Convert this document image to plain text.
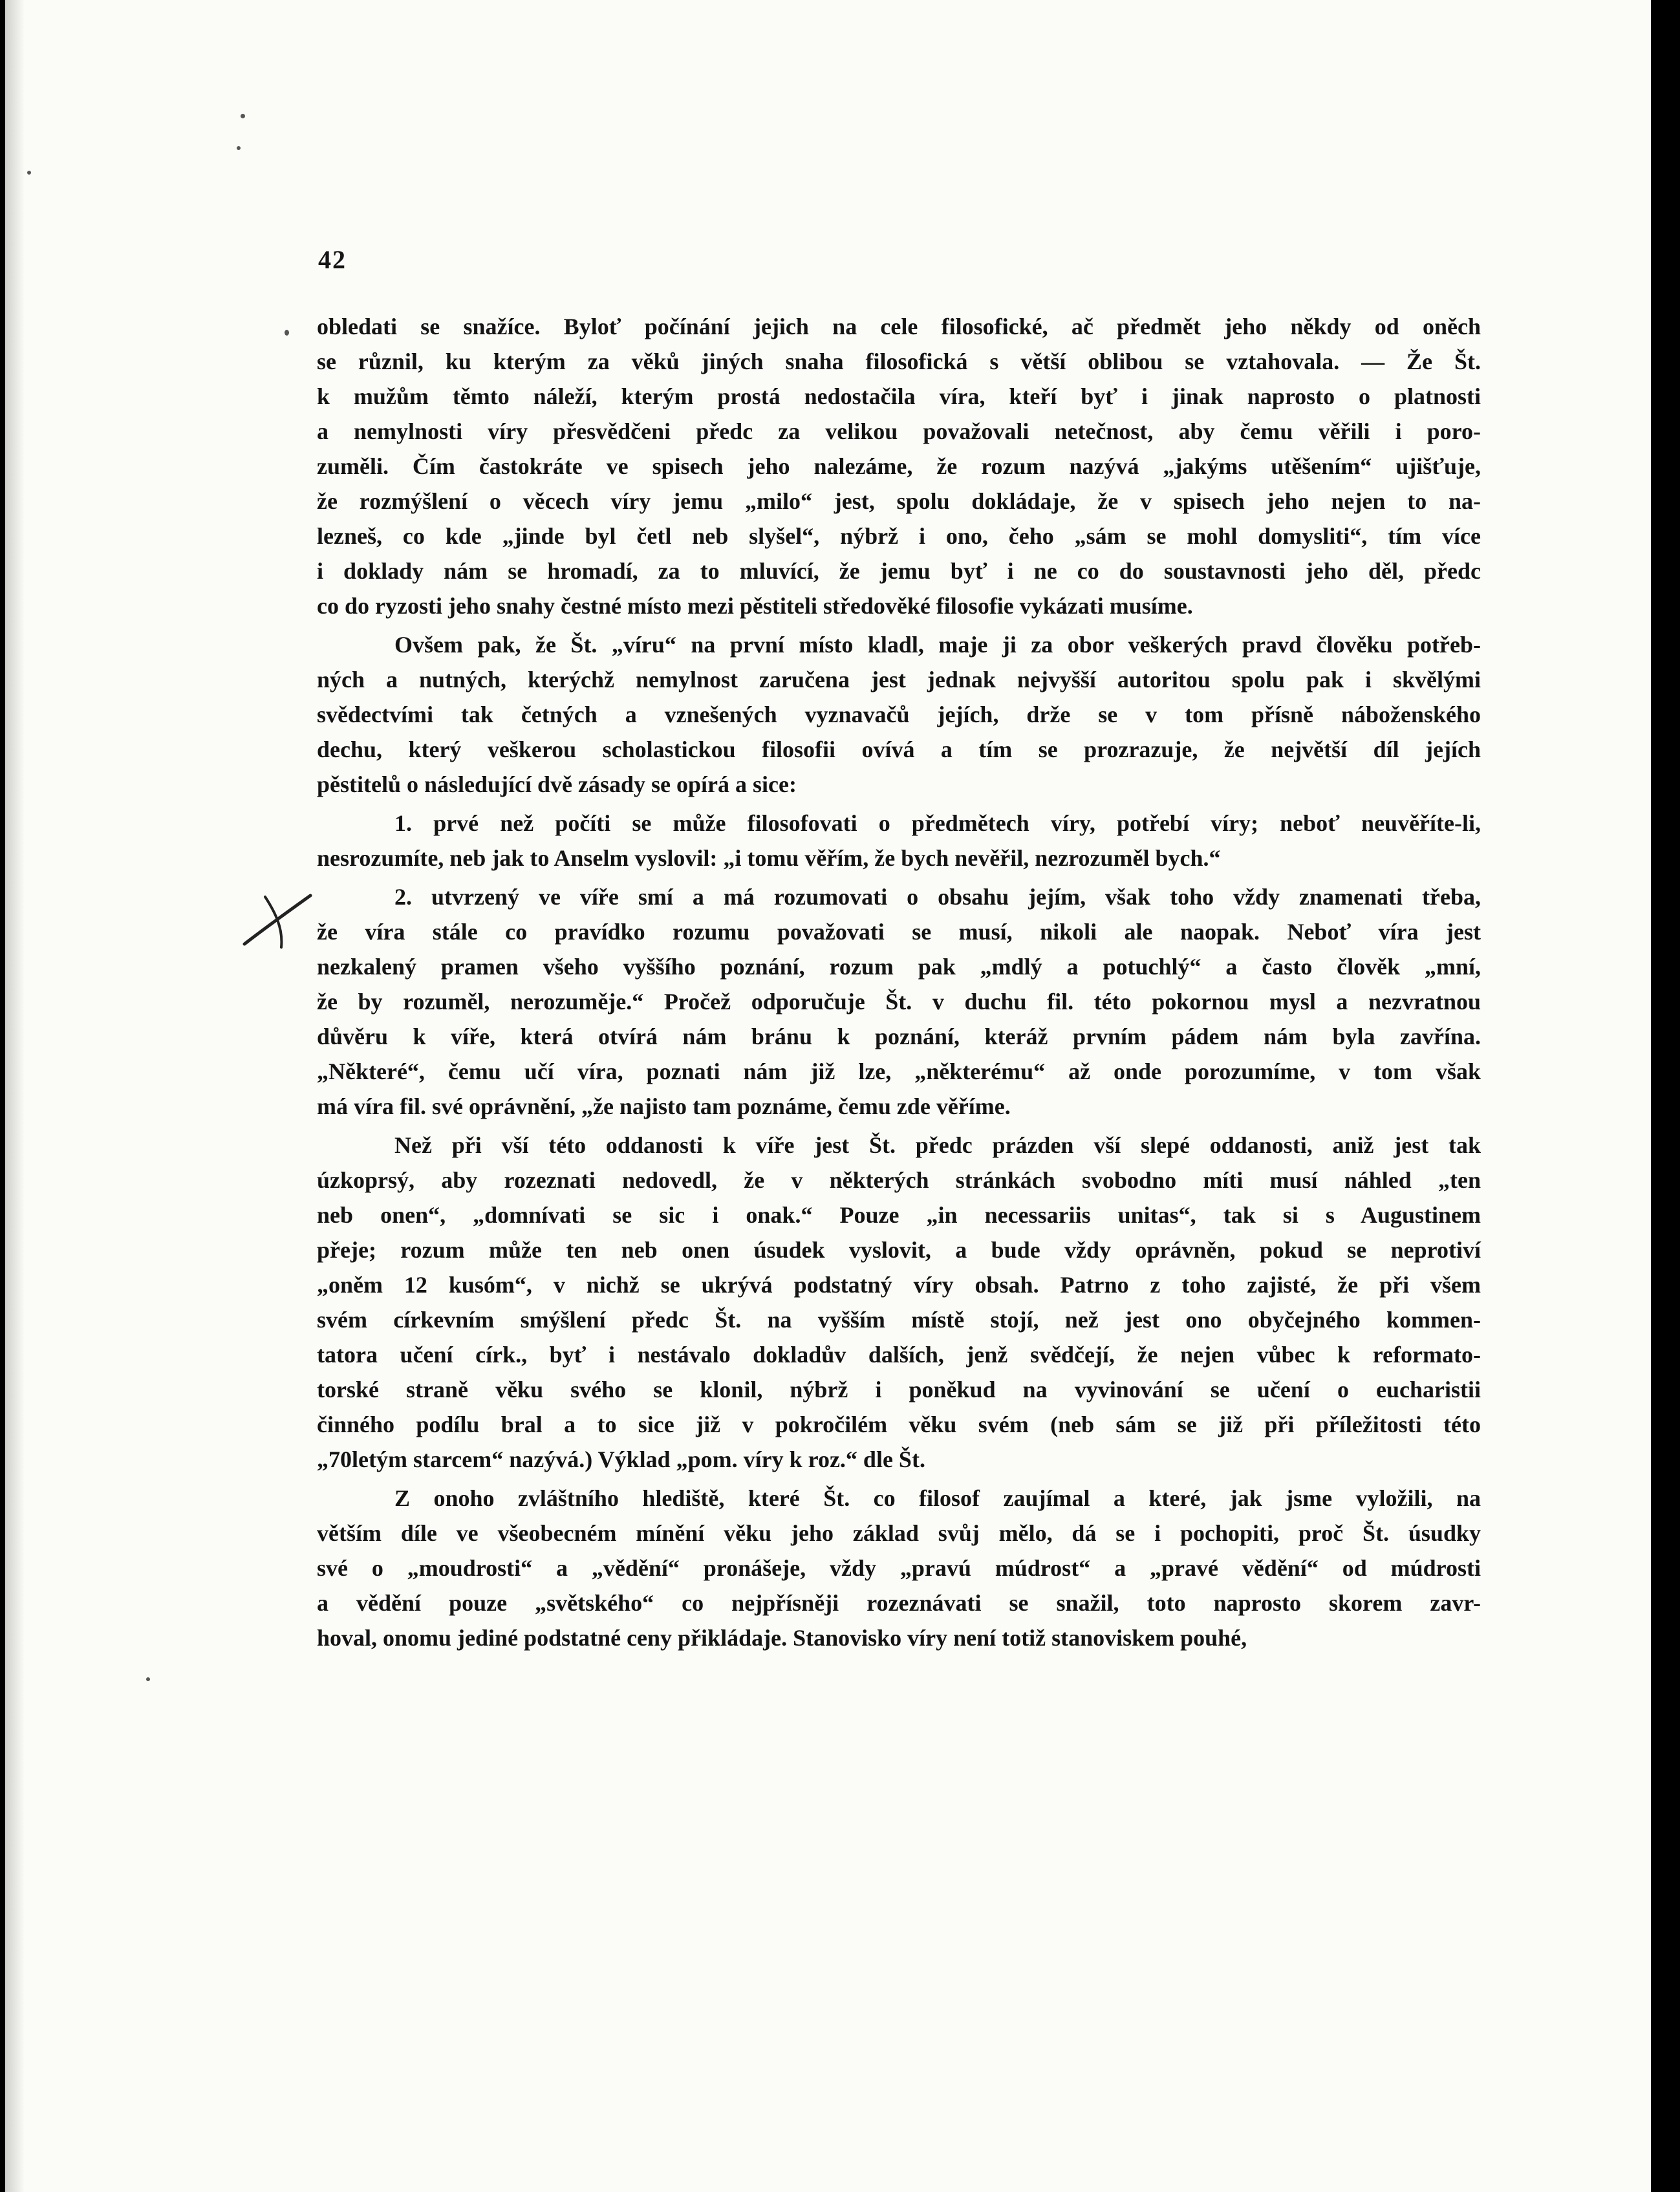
42
obledati se snažíce. Byloť počínání jejich na cele filosofické, ač předmět jeho někdy od oněch
se různil, ku kterým za věků jiných snaha filosofická s větší oblibou se vztahovala. — Že Št.
k mužům těmto náleží, kterým prostá nedostačila víra, kteří byť i jinak naprosto o platnosti
a nemylnosti víry přesvědčeni předc za velikou považovali netečnost, aby čemu věřili i poro-
zuměli. Čím častokráte ve spisech jeho nalezáme, že rozum nazývá „jakýms utěšením“ ujišťuje,
že rozmýšlení o věcech víry jemu „milo“ jest, spolu dokládaje, že v spisech jeho nejen to na-
lezneš, co kde „jinde byl četl neb slyšel“, nýbrž i ono, čeho „sám se mohl domysliti“, tím více
i doklady nám se hromadí, za to mluvící, že jemu byť i ne co do soustavnosti jeho děl, předc
co do ryzosti jeho snahy čestné místo mezi pěstiteli středověké filosofie vykázati musíme.
Ovšem pak, že Št. „víru“ na první místo kladl, maje ji za obor veškerých pravd člověku potřeb-
ných a nutných, kterýchž nemylnost zaručena jest jednak nejvyšší autoritou spolu pak i skvělými
svědectvími tak četných a vznešených vyznavačů jejích, drže se v tom přísně náboženského
dechu, který veškerou scholastickou filosofii ovívá a tím se prozrazuje, že největší díl jejích
pěstitelů o následující dvě zásady se opírá a sice:
1. prvé než počíti se může filosofovati o předmětech víry, potřebí víry; neboť neuvěříte-li,
nesrozumíte, neb jak to Anselm vyslovil: „i tomu věřím, že bych nevěřil, nezrozuměl bych.“
2. utvrzený ve víře smí a má rozumovati o obsahu jejím, však toho vždy znamenati třeba,
že víra stále co pravídko rozumu považovati se musí, nikoli ale naopak. Neboť víra jest
nezkalený pramen všeho vyššího poznání, rozum pak „mdlý a potuchlý“ a často člověk „mní,
že by rozuměl, nerozuměje.“ Pročež odporučuje Št. v duchu fil. této pokornou mysl a nezvratnou
důvěru k víře, která otvírá nám bránu k poznání, kteráž prvním pádem nám byla zavřína.
„Některé“, čemu učí víra, poznati nám již lze, „některému“ až onde porozumíme, v tom však
má víra fil. své oprávnění, „že najisto tam poznáme, čemu zde věříme.
Než při vší této oddanosti k víře jest Št. předc prázden vší slepé oddanosti, aniž jest tak
úzkoprsý, aby rozeznati nedovedl, že v některých stránkách svobodno míti musí náhled „ten
neb onen“, „domnívati se sic i onak.“ Pouze „in necessariis unitas“, tak si s Augustinem
přeje; rozum může ten neb onen úsudek vyslovit, a bude vždy oprávněn, pokud se neprotiví
„oněm 12 kusóm“, v nichž se ukrývá podstatný víry obsah. Patrno z toho zajisté, že při všem
svém církevním smýšlení předc Št. na vyšším místě stojí, než jest ono obyčejného kommen-
tatora učení círk., byť i nestávalo dokladův dalších, jenž svědčejí, že nejen vůbec k reformato-
torské straně věku svého se klonil, nýbrž i poněkud na vyvinování se učení o eucharistii
činného podílu bral a to sice již v pokročilém věku svém (neb sám se již při příležitosti této
„70letým starcem“ nazývá.) Výklad „pom. víry k roz.“ dle Št.
Z onoho zvláštního hlediště, které Št. co filosof zaujímal a které, jak jsme vyložili, na
větším díle ve všeobecném mínění věku jeho základ svůj mělo, dá se i pochopiti, proč Št. úsudky
své o „moudrosti“ a „vědění“ pronášeje, vždy „pravú múdrost“ a „pravé vědění“ od múdrosti
a vědění pouze „světského“ co nejpřísněji rozeznávati se snažil, toto naprosto skorem zavr-
hoval, onomu jediné podstatné ceny přikládaje. Stanovisko víry není totiž stanoviskem pouhé,
